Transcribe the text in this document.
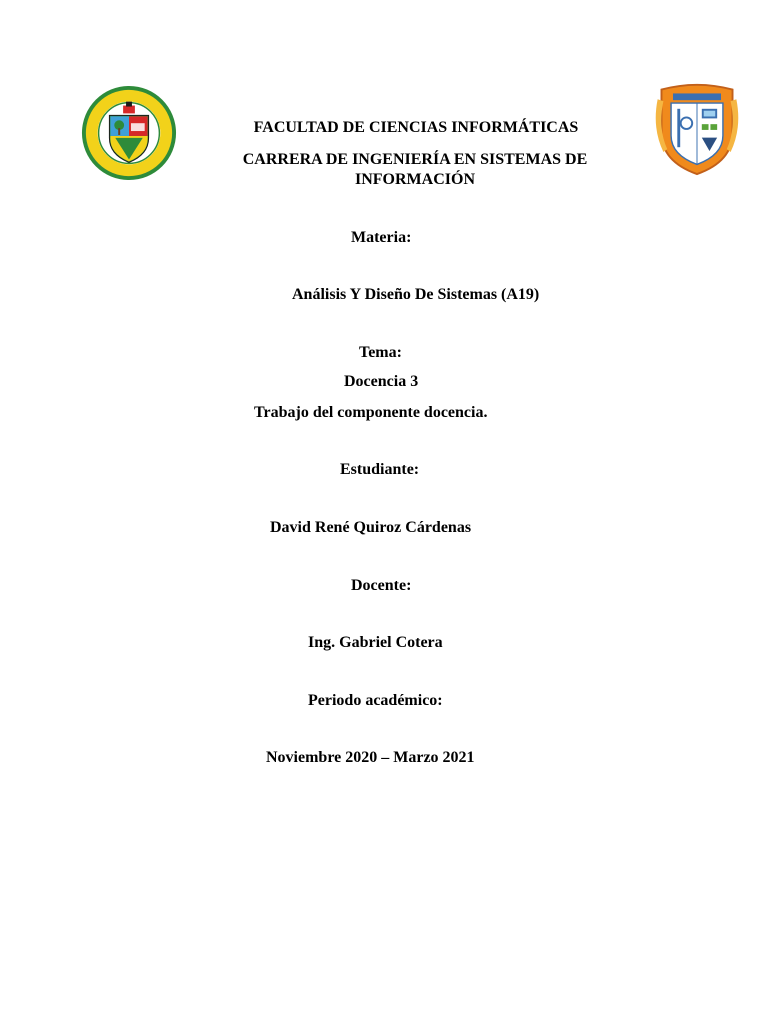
FACULTAD DE CIENCIAS INFORMÁTICAS
CARRERA DE INGENIERÍA EN SISTEMAS DE
INFORMACIÓN
Materia:
Análisis Y Diseño De Sistemas (A19)
Tema:
Docencia 3
Trabajo del componente docencia.
Estudiante:
David René Quiroz Cárdenas
Docente:
Ing. Gabriel Cotera
Periodo académico:
Noviembre 2020 – Marzo 2021
